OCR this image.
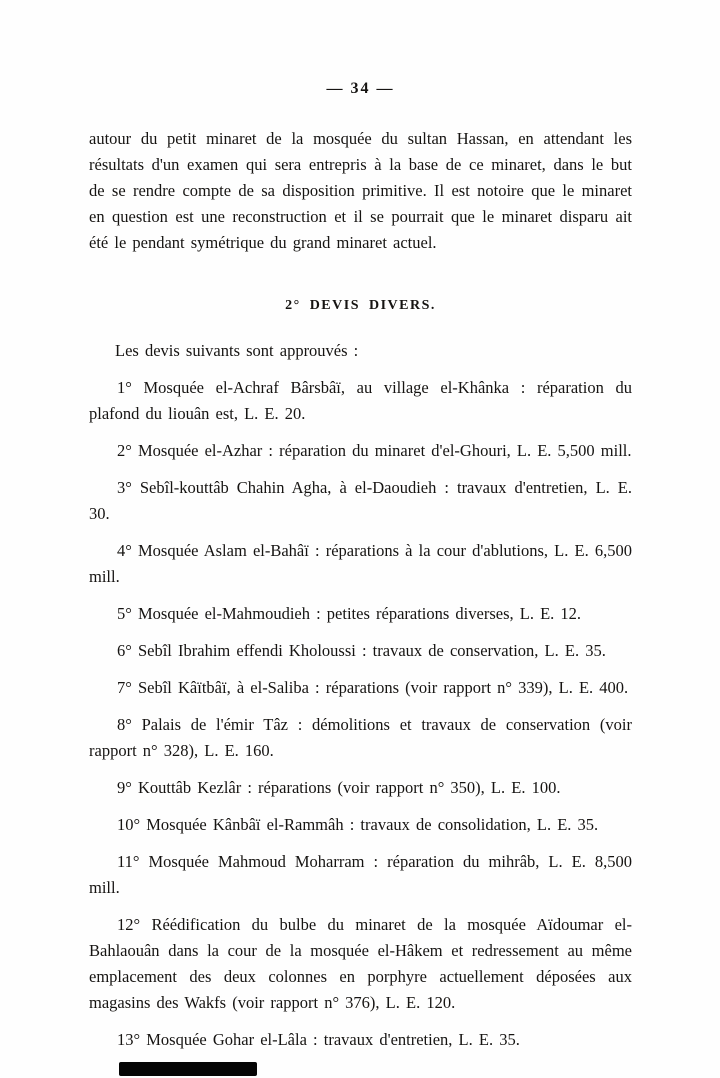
— 34 —

autour du petit minaret de la mosquée du sultan Hassan, en attendant les résultats d'un examen qui sera entrepris à la base de ce minaret, dans le but de se rendre compte de sa disposition primitive. Il est notoire que le minaret en question est une reconstruction et il se pourrait que le minaret disparu ait été le pendant symétrique du grand minaret actuel.

2° DEVIS DIVERS.

Les devis suivants sont approuvés :

1° Mosquée el-Achraf Bârsbâï, au village el-Khânka : réparation du plafond du liouân est, L. E. 20.

2° Mosquée el-Azhar : réparation du minaret d'el-Ghouri, L. E. 5,500 mill.

3° Sebîl-kouttâb Chahin Agha, à el-Daoudieh : travaux d'entretien, L. E. 30.

4° Mosquée Aslam el-Bahâï : réparations à la cour d'ablutions, L. E. 6,500 mill.

5° Mosquée el-Mahmoudieh : petites réparations diverses, L. E. 12.

6° Sebîl Ibrahim effendi Kholoussi : travaux de conservation, L. E. 35.

7° Sebîl Kâïtbâï, à el-Saliba : réparations (voir rapport n° 339), L. E. 400.

8° Palais de l'émir Tâz : démolitions et travaux de conservation (voir rapport n° 328), L. E. 160.

9° Kouttâb Kezlâr : réparations (voir rapport n° 350), L. E. 100.

10° Mosquée Kânbâï el-Rammâh : travaux de consolidation, L. E. 35.

11° Mosquée Mahmoud Moharram : réparation du mihrâb, L. E. 8,500 mill.

12° Réédification du bulbe du minaret de la mosquée Aïdoumar el-Bahlaouân dans la cour de la mosquée el-Hâkem et redressement au même emplacement des deux colonnes en porphyre actuellement déposées aux magasins des Wakfs (voir rapport n° 376), L. E. 120.

13° Mosquée Gohar el-Lâla : travaux d'entretien, L. E. 35.
